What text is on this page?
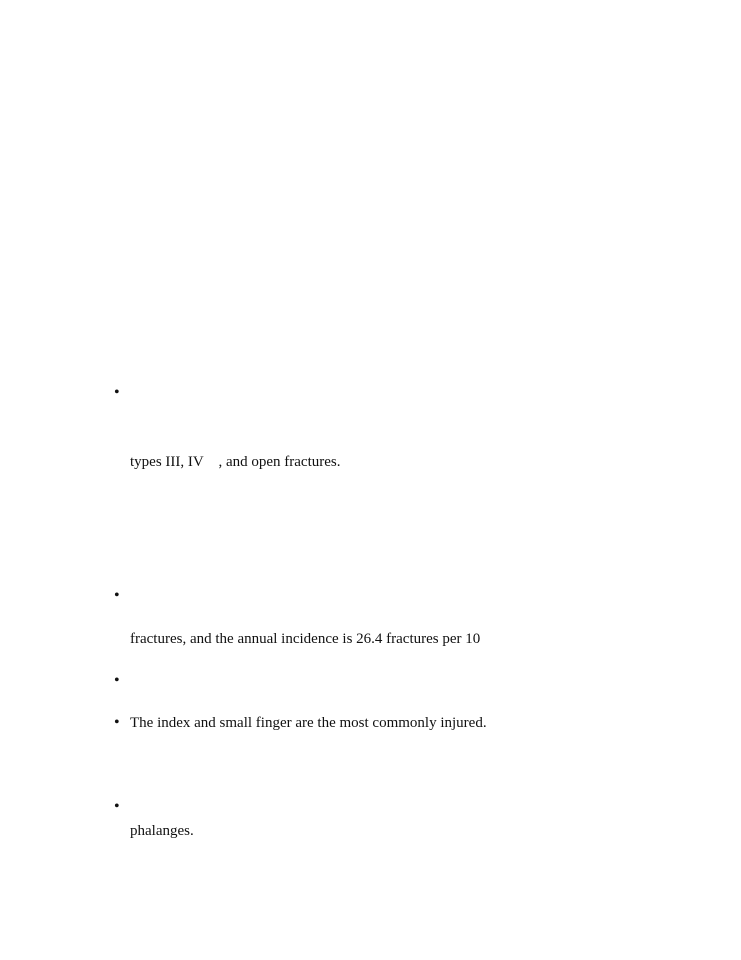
•
types III, IV    , and open fractures.
•
fractures, and the annual incidence is 26.4 fractures per 10
•
• The index and small finger are the most commonly injured.
•
phalanges.
